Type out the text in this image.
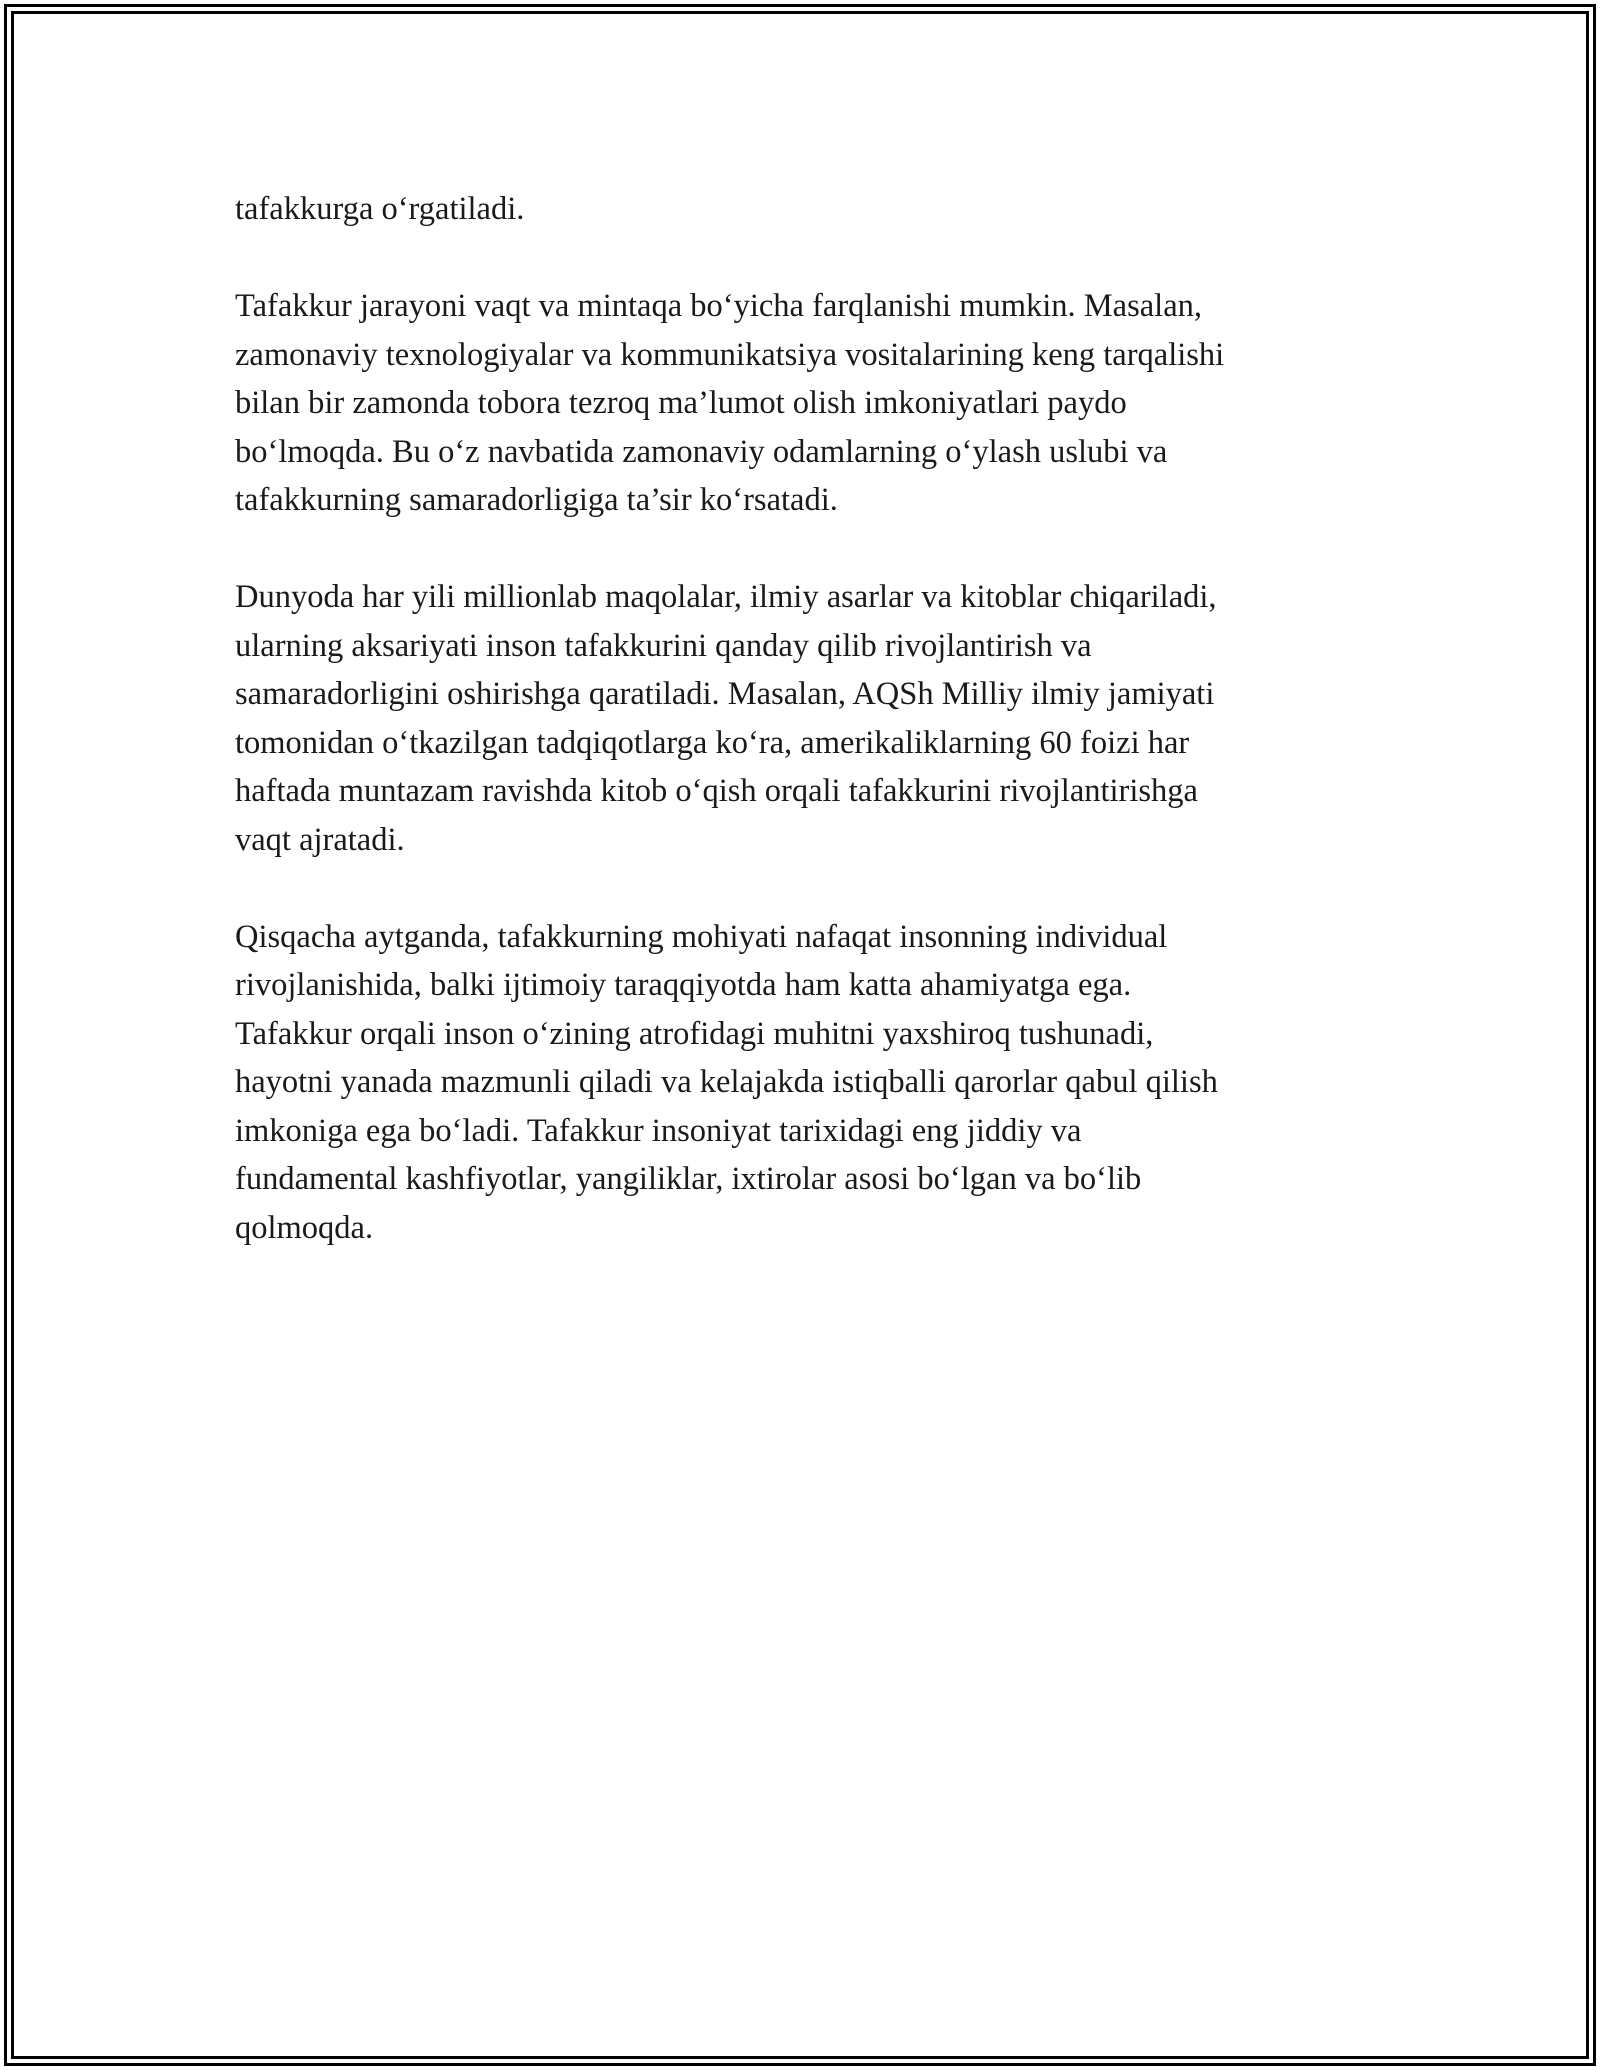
tafakkurga o‘rgatiladi.

Tafakkur jarayoni vaqt va mintaqa bo‘yicha farqlanishi mumkin. Masalan,
zamonaviy texnologiyalar va kommunikatsiya vositalarining keng tarqalishi
bilan bir zamonda tobora tezroq ma’lumot olish imkoniyatlari paydo
bo‘lmoqda. Bu o‘z navbatida zamonaviy odamlarning o‘ylash uslubi va
tafakkurning samaradorligiga ta’sir ko‘rsatadi.

Dunyoda har yili millionlab maqolalar, ilmiy asarlar va kitoblar chiqariladi,
ularning aksariyati inson tafakkurini qanday qilib rivojlantirish va
samaradorligini oshirishga qaratiladi. Masalan, AQSh Milliy ilmiy jamiyati
tomonidan o‘tkazilgan tadqiqotlarga ko‘ra, amerikaliklarning 60 foizi har
haftada muntazam ravishda kitob o‘qish orqali tafakkurini rivojlantirishga
vaqt ajratadi.

Qisqacha aytganda, tafakkurning mohiyati nafaqat insonning individual
rivojlanishida, balki ijtimoiy taraqqiyotda ham katta ahamiyatga ega.
Tafakkur orqali inson o‘zining atrofidagi muhitni yaxshiroq tushunadi,
hayotni yanada mazmunli qiladi va kelajakda istiqballi qarorlar qabul qilish
imkoniga ega bo‘ladi. Tafakkur insoniyat tarixidagi eng jiddiy va
fundamental kashfiyotlar, yangiliklar, ixtirolar asosi bo‘lgan va bo‘lib
qolmoqda.
